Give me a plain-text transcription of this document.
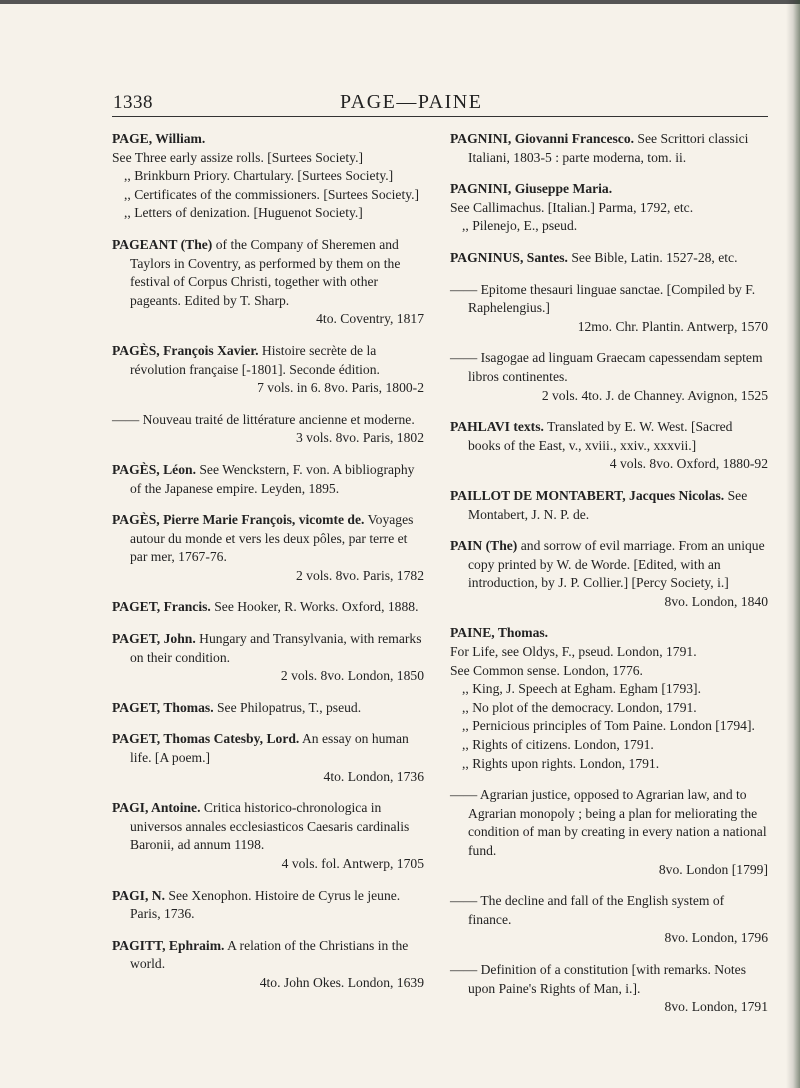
1338	PAGE—PAINE
PAGE, William.
See Three early assize rolls. [Surtees Society.]
,, Brinkburn Priory. Chartulary. [Surtees Society.]
,, Certificates of the commissioners. [Surtees Society.]
,, Letters of denization. [Huguenot Society.]
PAGEANT (The) of the Company of Sheremen and Taylors in Coventry, as performed by them on the festival of Corpus Christi, together with other pageants. Edited by T. Sharp.
4to. Coventry, 1817
PAGÈS, François Xavier. Histoire secrète de la révolution française [-1801]. Seconde édition.
7 vols. in 6. 8vo. Paris, 1800-2
—— Nouveau traité de littérature ancienne et moderne.
3 vols. 8vo. Paris, 1802
PAGÈS, Léon. See Wenckstern, F. von. A bibliography of the Japanese empire. Leyden, 1895.
PAGÈS, Pierre Marie François, vicomte de. Voyages autour du monde et vers les deux pôles, par terre et par mer, 1767-76.
2 vols. 8vo. Paris, 1782
PAGET, Francis. See Hooker, R. Works. Oxford, 1888.
PAGET, John. Hungary and Transylvania, with remarks on their condition.
2 vols. 8vo. London, 1850
PAGET, Thomas. See Philopatrus, T., pseud.
PAGET, Thomas Catesby, Lord. An essay on human life. [A poem.]
4to. London, 1736
PAGI, Antoine. Critica historico-chronologica in universos annales ecclesiasticos Caesaris cardinalis Baronii, ad annum 1198.
4 vols. fol. Antwerp, 1705
PAGI, N. See Xenophon. Histoire de Cyrus le jeune. Paris, 1736.
PAGITT, Ephraim. A relation of the Christians in the world.
4to. John Okes. London, 1639
PAGNINI, Giovanni Francesco. See Scrittori classici Italiani, 1803-5 : parte moderna, tom. ii.
PAGNINI, Giuseppe Maria.
See Callimachus. [Italian.] Parma, 1792, etc.
,, Pilenejo, E., pseud.
PAGNINUS, Santes. See Bible, Latin. 1527-28, etc.
—— Epitome thesauri linguae sanctae. [Compiled by F. Raphelengius.]
12mo. Chr. Plantin. Antwerp, 1570
—— Isagogae ad linguam Graecam capessendam septem libros continentes.
2 vols. 4to. J. de Channey. Avignon, 1525
PAHLAVI texts. Translated by E. W. West. [Sacred books of the East, v., xviii., xxiv., xxxvii.]
4 vols. 8vo. Oxford, 1880-92
PAILLOT DE MONTABERT, Jacques Nicolas. See Montabert, J. N. P. de.
PAIN (The) and sorrow of evil marriage. From an unique copy printed by W. de Worde. [Edited, with an introduction, by J. P. Collier.] [Percy Society, i.]
8vo. London, 1840
PAINE, Thomas.
For Life, see Oldys, F., pseud. London, 1791.
See Common sense. London, 1776.
,, King, J. Speech at Egham. Egham [1793].
,, No plot of the democracy. London, 1791.
,, Pernicious principles of Tom Paine. London [1794].
,, Rights of citizens. London, 1791.
,, Rights upon rights. London, 1791.
—— Agrarian justice, opposed to Agrarian law, and to Agrarian monopoly ; being a plan for meliorating the condition of man by creating in every nation a national fund.
8vo. London [1799]
—— The decline and fall of the English system of finance.
8vo. London, 1796
—— Definition of a constitution [with remarks. Notes upon Paine's Rights of Man, i.].
8vo. London, 1791
